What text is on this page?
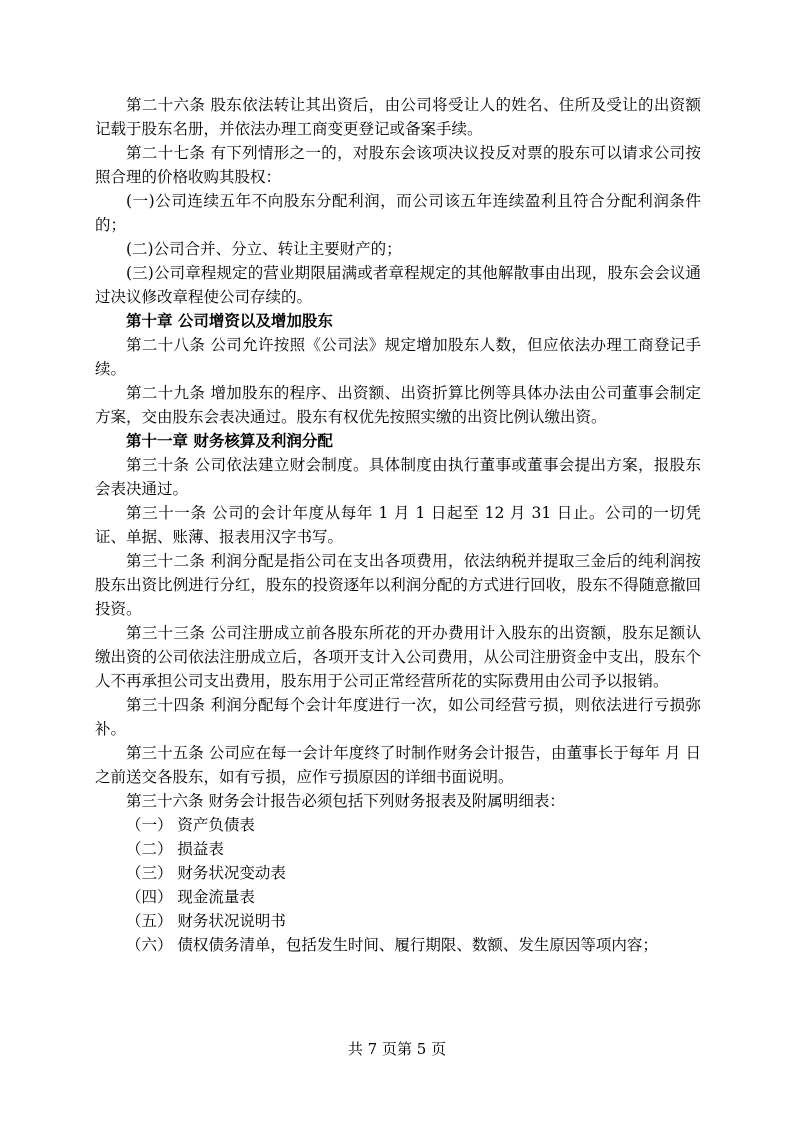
第二十六条 股东依法转让其出资后，由公司将受让人的姓名、住所及受让的出资额记载于股东名册，并依法办理工商变更登记或备案手续。

第二十七条 有下列情形之一的，对股东会该项决议投反对票的股东可以请求公司按照合理的价格收购其股权：

(一)公司连续五年不向股东分配利润，而公司该五年连续盈利且符合分配利润条件的；

(二)公司合并、分立、转让主要财产的；

(三)公司章程规定的营业期限届满或者章程规定的其他解散事由出现，股东会会议通过决议修改章程使公司存续的。

第十章 公司增资以及增加股东

第二十八条 公司允许按照《公司法》规定增加股东人数，但应依法办理工商登记手续。

第二十九条 增加股东的程序、出资额、出资折算比例等具体办法由公司董事会制定方案，交由股东会表决通过。股东有权优先按照实缴的出资比例认缴出资。

第十一章 财务核算及利润分配

第三十条 公司依法建立财会制度。具体制度由执行董事或董事会提出方案，报股东 会表决通过。

第三十一条 公司的会计年度从每年 1 月 1 日起至 12 月 31 日止。公司的一切凭证、单据、账薄、报表用汉字书写。

第三十二条 利润分配是指公司在支出各项费用，依法纳税并提取三金后的纯利润按股东出资比例进行分红，股东的投资逐年以利润分配的方式进行回收，股东不得随意撤回投资。

第三十三条 公司注册成立前各股东所花的开办费用计入股东的出资额，股东足额认缴出资的公司依法注册成立后，各项开支计入公司费用，从公司注册资金中支出，股东个人不再承担公司支出费用，股东用于公司正常经营所花的实际费用由公司予以报销。

第三十四条 利润分配每个会计年度进行一次，如公司经营亏损，则依法进行亏损弥补。

第三十五条 公司应在每一会计年度终了时制作财务会计报告，由董事长于每年 月 日之前送交各股东，如有亏损，应作亏损原因的详细书面说明。

第三十六条 财务会计报告必须包括下列财务报表及附属明细表：

（一） 资产负债表

（二） 损益表

（三） 财务状况变动表

（四） 现金流量表

（五） 财务状况说明书

（六） 债权债务清单，包括发生时间、履行期限、数额、发生原因等项内容；

共 7 页第 5 页
